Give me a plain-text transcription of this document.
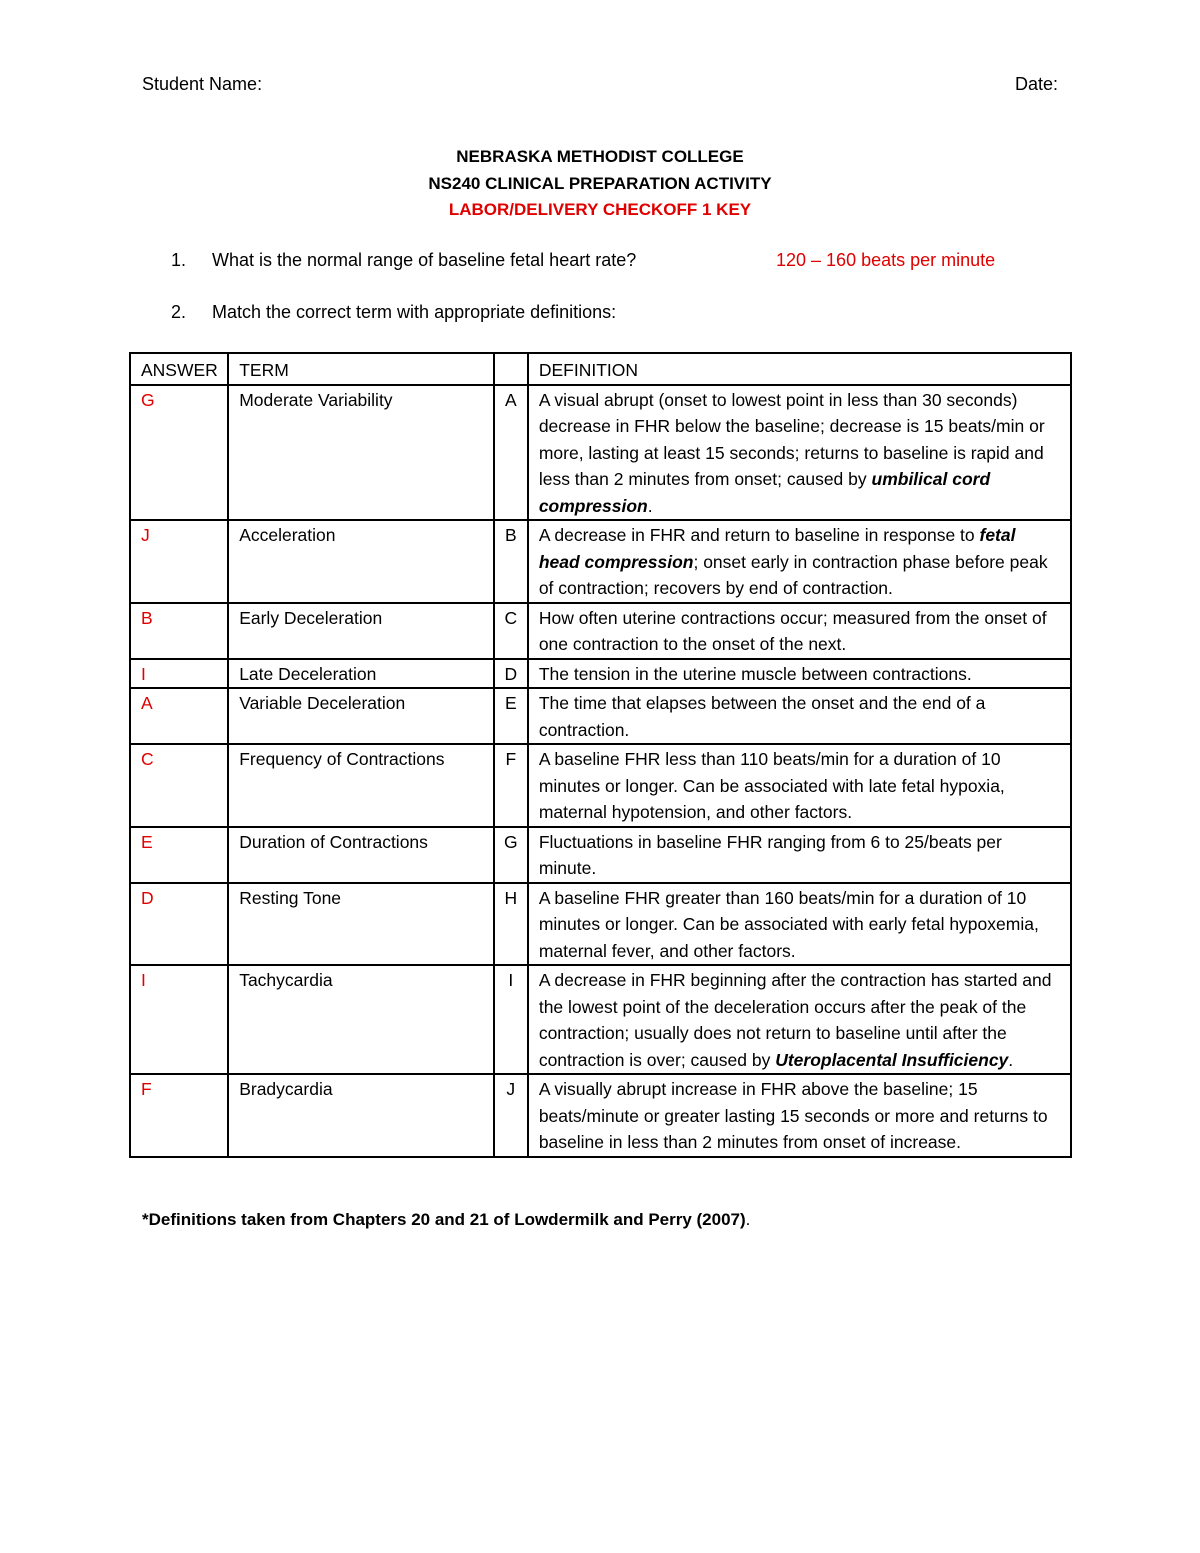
Student Name:	Date:
NEBRASKA METHODIST COLLEGE
NS240 CLINICAL PREPARATION ACTIVITY
LABOR/DELIVERY CHECKOFF 1 KEY
1.	What is the normal range of baseline fetal heart rate?	120 – 160 beats per minute
2.	Match the correct term with appropriate definitions:
ANSWER	TERM		DEFINITION
G	Moderate Variability	A	A visual abrupt (onset to lowest point in less than 30 seconds) decrease in FHR below the baseline; decrease is 15 beats/min or more, lasting at least 15 seconds; returns to baseline is rapid and less than 2 minutes from onset; caused by umbilical cord compression.
J	Acceleration	B	A decrease in FHR and return to baseline in response to fetal head compression; onset early in contraction phase before peak of contraction; recovers by end of contraction.
B	Early Deceleration	C	How often uterine contractions occur; measured from the onset of one contraction to the onset of the next.
I	Late Deceleration	D	The tension in the uterine muscle between contractions.
A	Variable Deceleration	E	The time that elapses between the onset and the end of a contraction.
C	Frequency of Contractions	F	A baseline FHR less than 110 beats/min for a duration of 10 minutes or longer. Can be associated with late fetal hypoxia, maternal hypotension, and other factors.
E	Duration of Contractions	G	Fluctuations in baseline FHR ranging from 6 to 25/beats per minute.
D	Resting Tone	H	A baseline FHR greater than 160 beats/min for a duration of 10 minutes or longer. Can be associated with early fetal hypoxemia, maternal fever, and other factors.
I	Tachycardia	I	A decrease in FHR beginning after the contraction has started and the lowest point of the deceleration occurs after the peak of the contraction; usually does not return to baseline until after the contraction is over; caused by Uteroplacental Insufficiency.
F	Bradycardia	J	A visually abrupt increase in FHR above the baseline; 15 beats/minute or greater lasting 15 seconds or more and returns to baseline in less than 2 minutes from onset of increase.
*Definitions taken from Chapters 20 and 21 of Lowdermilk and Perry (2007).
